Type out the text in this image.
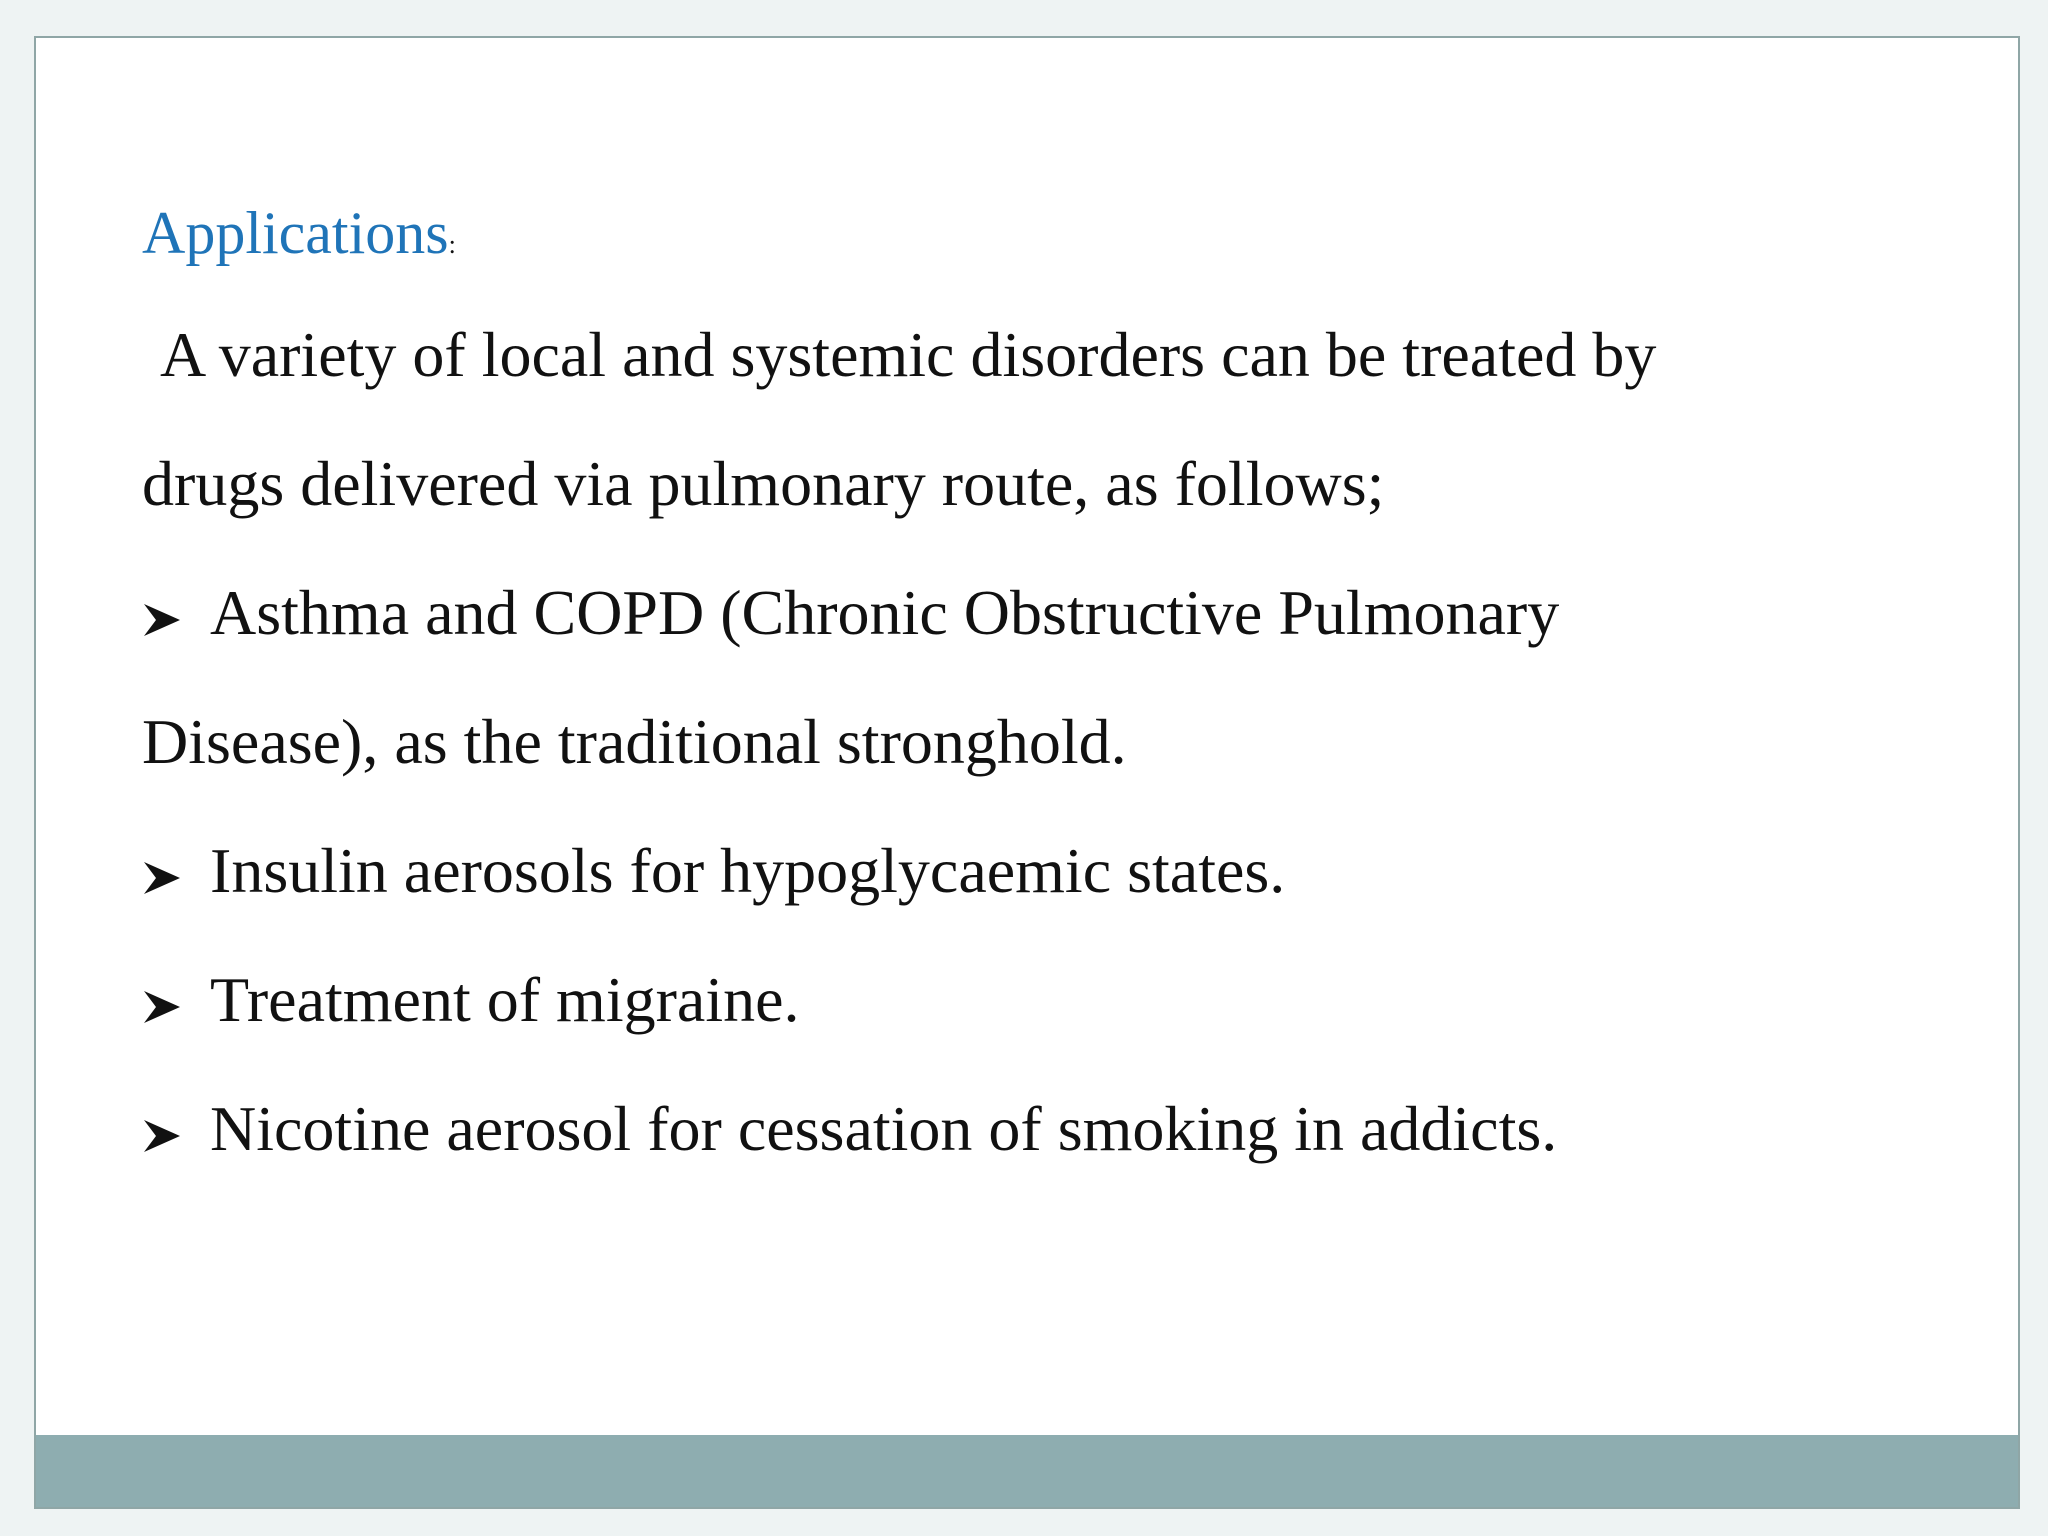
Applications:
A variety of local and systemic disorders can be treated by
drugs delivered via pulmonary route, as follows;
Asthma and COPD (Chronic Obstructive Pulmonary
Disease), as the traditional stronghold.
Insulin aerosols for hypoglycaemic states.
Treatment of migraine.
Nicotine aerosol for cessation of smoking in addicts.
